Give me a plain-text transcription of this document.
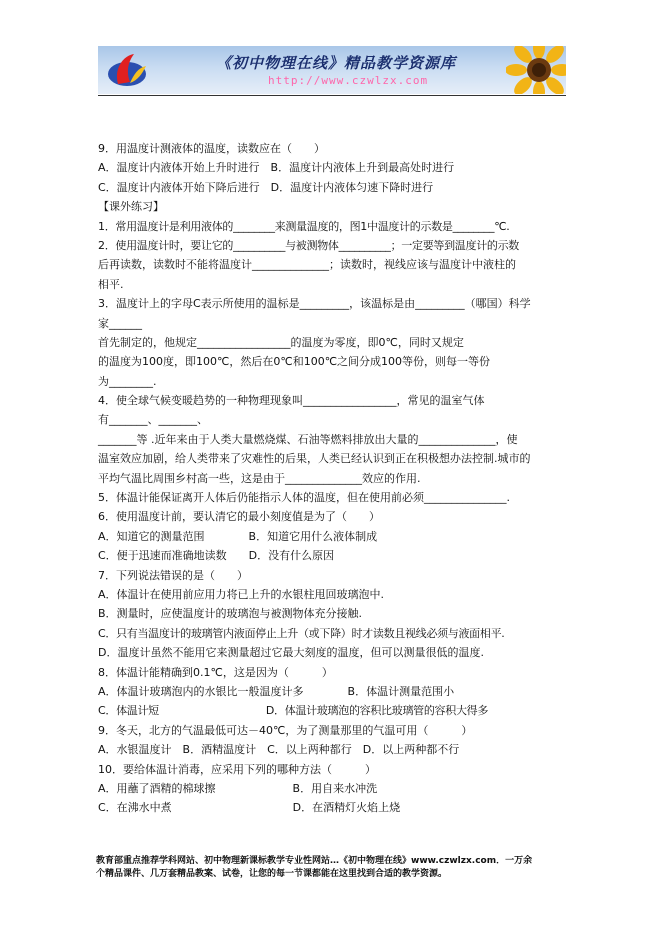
《初中物理在线》精品教学资源库
http://www.czwlzx.com
9．用温度计测液体的温度，读数应在（　　）
A．温度计内液体开始上升时进行　B．温度计内液体上升到最高处时进行
C．温度计内液体开始下降后进行　D．温度计内液体匀速下降时进行
【课外练习】
1．常用温度计是利用液体的________来测量温度的，图1中温度计的示数是________℃.
2．使用温度计时，要让它的__________与被测物体__________；一定要等到温度计的示数
后再读数，读数时不能将温度计______________；读数时，视线应该与温度计中液柱的
相平.
3．温度计上的字母C表示所使用的温标是_________，该温标是由_________（哪国）科学
家______
首先制定的，他规定_________________的温度为零度，即0℃，同时又规定
的温度为100度，即100℃，然后在0℃和100℃之间分成100等份，则每一等份
为________.
4．使全球气候变暖趋势的一种物理现象叫_________________，常见的温室气体
有_______、_______、
_______等 .近年来由于人类大量燃烧煤、石油等燃料排放出大量的______________，使
温室效应加剧，给人类带来了灾难性的后果，人类已经认识到正在积极想办法控制.城市的
平均气温比周围乡村高一些，这是由于______________效应的作用.
5．体温计能保证离开人体后仍能指示人体的温度，但在使用前必须_______________.
6．使用温度计前，要认清它的最小刻度值是为了（　　）
A．知道它的测量范围　　　　B．知道它用什么液体制成
C．便于迅速而准确地读数　　D．没有什么原因
7．下列说法错误的是（　　）
A．体温计在使用前应用力将已上升的水银柱甩回玻璃泡中.
B．测量时，应使温度计的玻璃泡与被测物体充分接触.
C．只有当温度计的玻璃管内液面停止上升（或下降）时才读数且视线必须与液面相平.
D．温度计虽然不能用它来测量超过它最大刻度的温度，但可以测量很低的温度.
8．体温计能精确到0.1℃，这是因为（　　　）
A．体温计玻璃泡内的水银比一般温度计多　　　　B．体温计测量范围小
C．体温计短　　　　　　　　　　D．体温计玻璃泡的容积比玻璃管的容积大得多
9．冬天，北方的气温最低可达－40℃，为了测量那里的气温可用（　　　）
A．水银温度计　B．酒精温度计　C．以上两种都行　D．以上两种都不行
10．要给体温计消毒，应采用下列的哪种方法（　　　）
A．用蘸了酒精的棉球擦　　　　　　　B．用自来水冲洗
C．在沸水中煮　　　　　　　　　　　D．在酒精灯火焰上烧
教育部重点推荐学科网站、初中物理新课标教学专业性网站…《初中物理在线》www.czwlzx.com．一万余
个精品课件、几万套精品教案、试卷，让您的每一节课都能在这里找到合适的教学资源。
